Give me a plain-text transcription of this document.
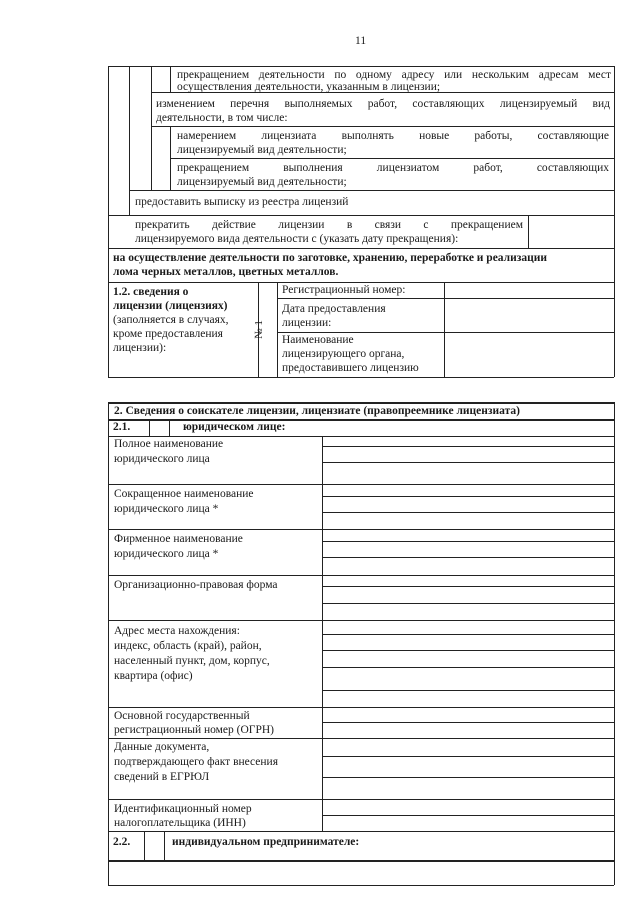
11
прекращением деятельности по одному адресу или нескольким адресам мест
осуществления деятельности, указанным в лицензии;
изменением перечня выполняемых работ, составляющих лицензируемый вид
деятельности, в том числе:
намерением лицензиата выполнять новые работы, составляющие
лицензируемый вид деятельности;
прекращением выполнения лицензиатом работ, составляющих
лицензируемый вид деятельности;
предоставить выписку из реестра лицензий
прекратить действие лицензии в связи с прекращением
лицензируемого вида деятельности с (указать дату прекращения):
на осуществление деятельности по заготовке, хранению, переработке и реализации
лома черных металлов, цветных металлов.
1.2. сведения о
лицензии (лицензиях)
(заполняется в случаях,
кроме предоставления
лицензии):
№ 1
Регистрационный номер:
Дата предоставления
лицензии:
Наименование
лицензирующего органа,
предоставившего лицензию
2. Сведения о соискателе лицензии, лицензиате (правопреемнике лицензиата)
2.1.	юридическом лице:
Полное наименование
юридического лица
Сокращенное наименование
юридического лица *
Фирменное наименование
юридического лица *
Организационно-правовая форма
Адрес места нахождения:
индекс, область (край), район,
населенный пункт, дом, корпус,
квартира (офис)
Основной государственный
регистрационный номер (ОГРН)
Данные документа,
подтверждающего факт внесения
сведений в ЕГРЮЛ
Идентификационный номер
налогоплательщика (ИНН)
2.2.	индивидуальном предпринимателе:
